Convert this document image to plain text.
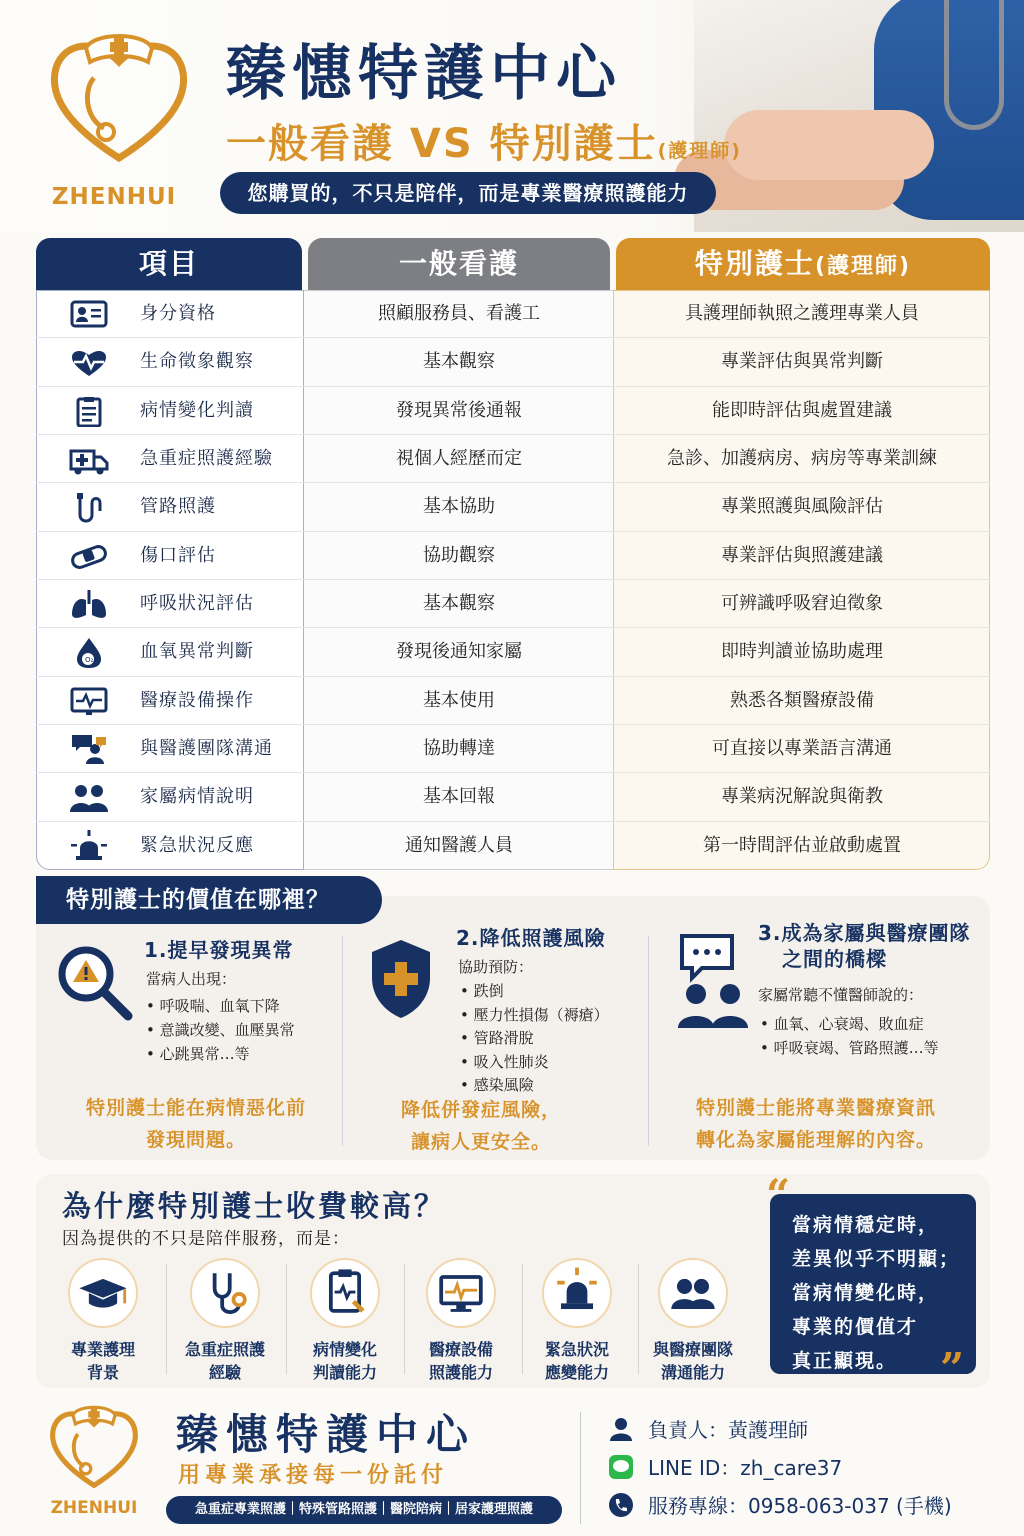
ZHENHUI
臻憓特護中心
一般看護 VS 特別護士(護理師)
您購買的，不只是陪伴，而是專業醫療照護能力
項目	一般看護	特別護士(護理師)
身分資格	照顧服務員、看護工	具護理師執照之護理專業人員
生命徵象觀察	基本觀察	專業評估與異常判斷
病情變化判讀	發現異常後通報	能即時評估與處置建議
急重症照護經驗	視個人經歷而定	急診、加護病房、病房等專業訓練
管路照護	基本協助	專業照護與風險評估
傷口評估	協助觀察	專業評估與照護建議
呼吸狀況評估	基本觀察	可辨識呼吸窘迫徵象
O₂	血氧異常判斷	發現後通知家屬	即時判讀並協助處理
醫療設備操作	基本使用	熟悉各類醫療設備
與醫護團隊溝通	協助轉達	可直接以專業語言溝通
家屬病情說明	基本回報	專業病況解說與衛教
緊急狀況反應	通知醫護人員	第一時間評估並啟動處置
1.提早發現異常
當病人出現：
• 呼吸喘、血氧下降
• 意識改變、血壓異常
• 心跳異常…等
特別護士能在病情惡化前
發現問題。
2.降低照護風險
協助預防：
• 跌倒
• 壓力性損傷（褥瘡）
• 管路滑脫
• 吸入性肺炎
• 感染風險
降低併發症風險，
讓病人更安全。
3.成為家屬與醫療團隊
之間的橋樑
家屬常聽不懂醫師說的：
• 血氧、心衰竭、敗血症
• 呼吸衰竭、管路照護…等
特別護士能將專業醫療資訊
轉化為家屬能理解的內容。
特別護士的價值在哪裡？
為什麼特別護士收費較高？
因為提供的不只是陪伴服務，而是：
專業護理
背景
急重症照護
經驗
病情變化
判讀能力
醫療設備
照護能力
緊急狀況
應變能力
與醫療團隊
溝通能力
當病情穩定時，
差異似乎不明顯；
當病情變化時，
專業的價值才
真正顯現。
“
”
ZHENHUI
臻憓特護中心
用專業承接每一份託付
急重症專業照護｜特殊管路照護｜醫院陪病｜居家護理照護
負責人：黃護理師
LINE ID：zh_care37
服務專線：0958-063-037 (手機)
